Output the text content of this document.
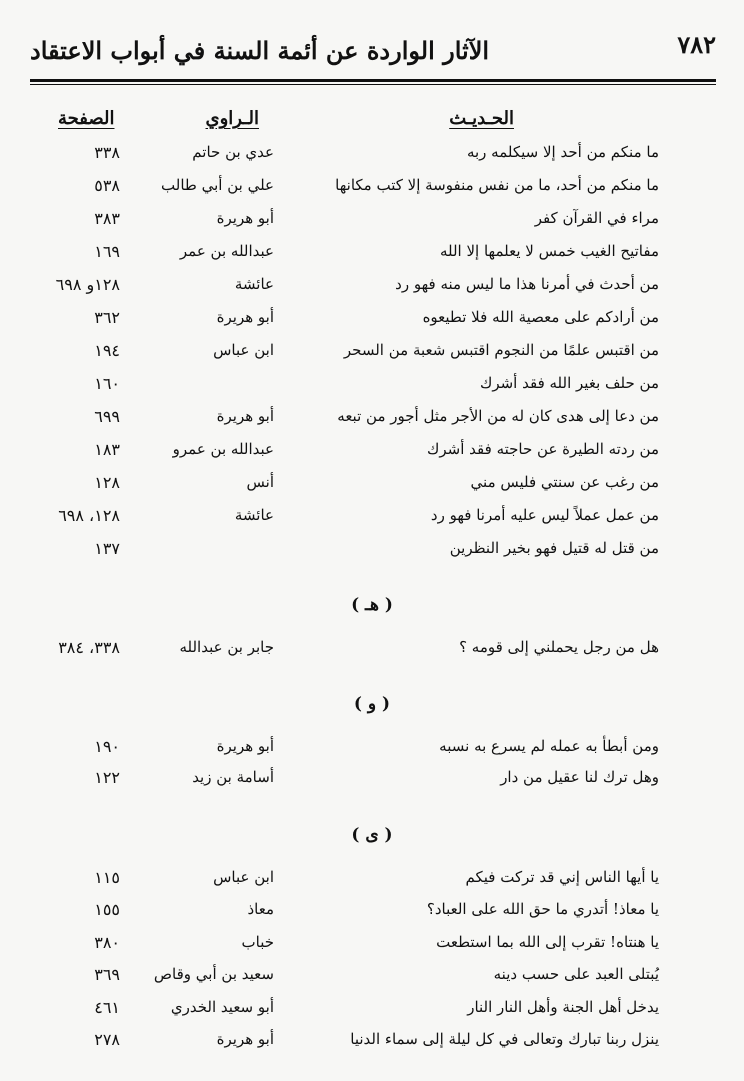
٧٨٢
الآثار الواردة عن أئمة السنة في أبواب الاعتقاد
الحـديـث
الـراوي
الصفحة
ما منكم من أحد إلا سيكلمه ربه
عدي بن حاتم
٣٣٨
ما منكم من أحد، ما من نفس منفوسة إلا كتب مكانها
علي بن أبي طالب
٥٣٨
مراء في القرآن كفر
أبو هريرة
٣٨٣
مفاتيح الغيب خمس لا يعلمها إلا الله
عبدالله بن عمر
١٦٩
من أحدث في أمرنا هذا ما ليس منه فهو رد
عائشة
١٢٨و ٦٩٨
من أرادكم على معصية الله فلا تطيعوه
أبو هريرة
٣٦٢
من اقتبس علمًا من النجوم اقتبس شعبة من السحر
ابن عباس
١٩٤
من حلف بغير الله فقد أشرك
١٦٠
من دعا إلى هدى كان له من الأجر مثل أجور من تبعه
أبو هريرة
٦٩٩
من ردته الطيرة عن حاجته فقد أشرك
عبدالله بن عمرو
١٨٣
من رغب عن سنتي فليس مني
أنس
١٢٨
من عمل عملاً ليس عليه أمرنا فهو رد
عائشة
١٢٨، ٦٩٨
من قتل له قتيل فهو بخير النظرين
١٣٧
( هـ )
هل من رجل يحملني إلى قومه ؟
جابر بن عبدالله
٣٣٨، ٣٨٤
( و )
ومن أبطأ به عمله لم يسرع به نسبه
أبو هريرة
١٩٠
وهل ترك لنا عقيل من دار
أسامة بن زيد
١٢٢
( ى )
يا أيها الناس إني قد تركت فيكم
ابن عباس
١١٥
يا معاذ! أتدري ما حق الله على العباد؟
معاذ
١٥٥
يا هنتاه! تقرب إلى الله بما استطعت
خباب
٣٨٠
يُبتلى العبد على حسب دينه
سعيد بن أبي وقاص
٣٦٩
يدخل أهل الجنة وأهل النار النار
أبو سعيد الخدري
٤٦١
ينزل ربنا تبارك وتعالى في كل ليلة إلى سماء الدنيا
أبو هريرة
٢٧٨
